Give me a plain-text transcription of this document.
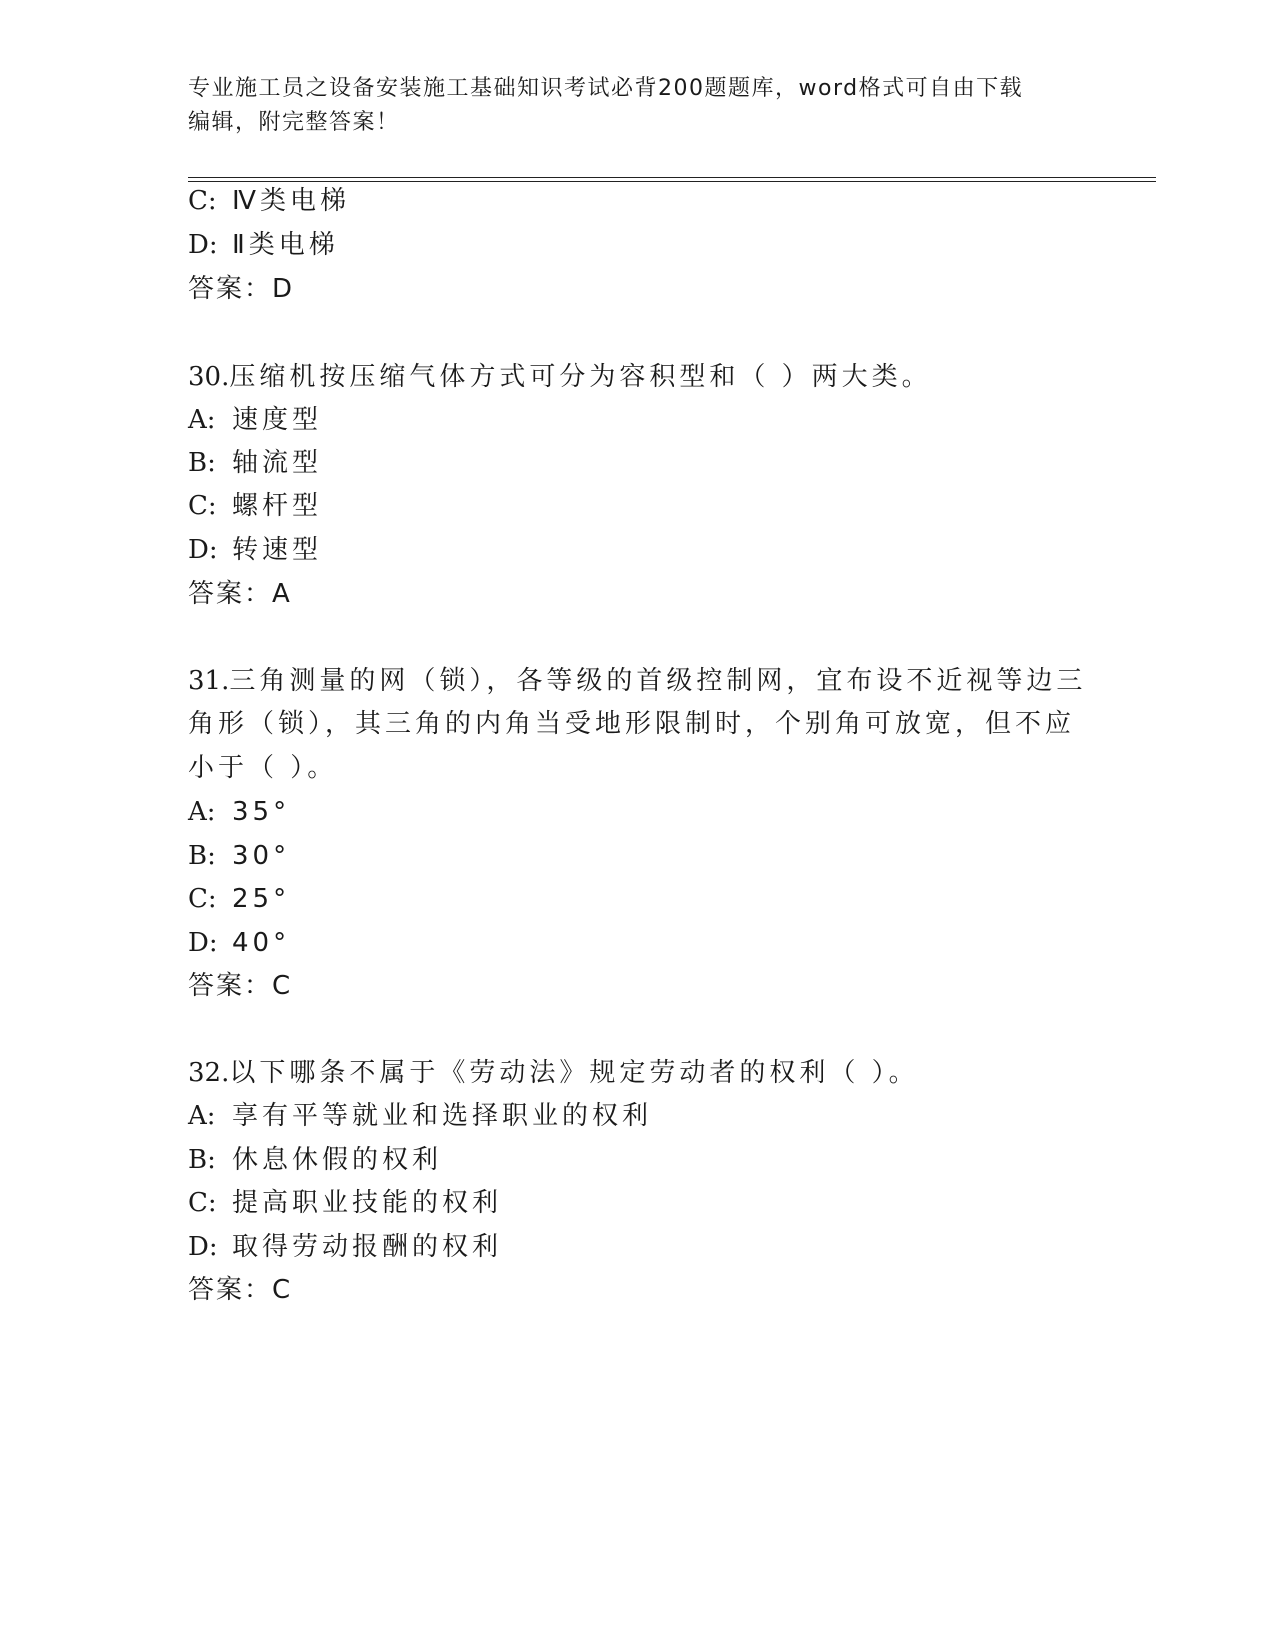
专业施工员之设备安装施工基础知识考试必背200题题库，word格式可自由下载
编辑，附完整答案！
C: Ⅳ类电梯
D: Ⅱ类电梯
答案：D
30.压缩机按压缩气体方式可分为容积型和（ ）两大类。
A: 速度型
B: 轴流型
C: 螺杆型
D: 转速型
答案：A
31.三角测量的网（锁），各等级的首级控制网，宜布设不近视等边三
角形（锁），其三角的内角当受地形限制时，个别角可放宽，但不应
小于（ ）。
A: 35°
B: 30°
C: 25°
D: 40°
答案：C
32.以下哪条不属于《劳动法》规定劳动者的权利（ ）。
A: 享有平等就业和选择职业的权利
B: 休息休假的权利
C: 提高职业技能的权利
D: 取得劳动报酬的权利
答案：C
